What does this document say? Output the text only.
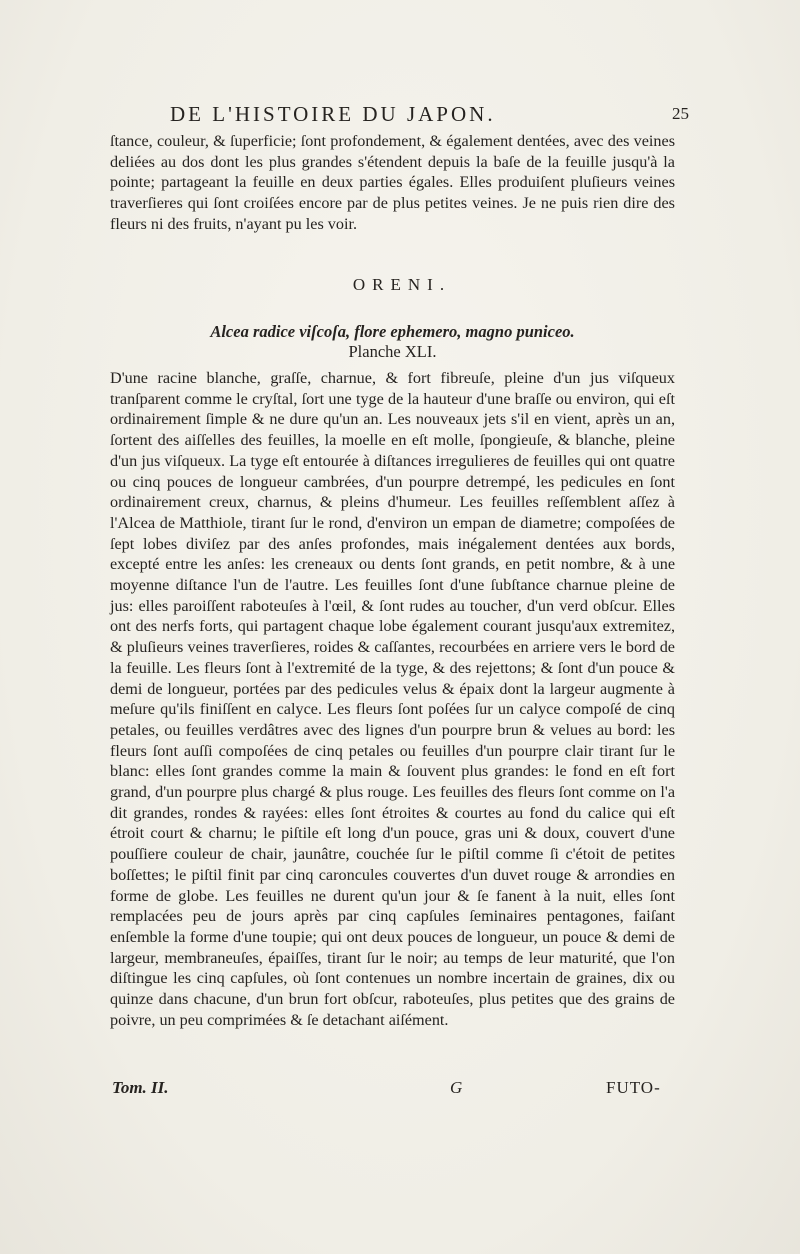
DE L'HISTOIRE DU JAPON.	25

ſtance, couleur, & ſuperficie; ſont profondement, & également dentées, avec des veines deliées au dos dont les plus grandes s'étendent depuis la baſe de la feuille jusqu'à la pointe; partageant la feuille en deux parties égales. Elles produiſent pluſieurs veines traverſieres qui ſont croiſées encore par de plus petites veines. Je ne puis rien dire des fleurs ni des fruits, n'ayant pu les voir.

ORENI.
Alcea radice viſcoſa, flore ephemero, magno puniceo.
Planche XLI.

D'une racine blanche, graſſe, charnue, & fort fibreuſe, pleine d'un jus viſqueux tranſparent comme le cryſtal, ſort une tyge de la hauteur d'une braſſe ou environ, qui eſt ordinairement ſimple & ne dure qu'un an. Les nouveaux jets s'il en vient, après un an, ſortent des aiſſelles des feuilles, la moelle en eſt molle, ſpongieuſe, & blanche, pleine d'un jus viſqueux. La tyge eſt entourée à diſtances irregulieres de feuilles qui ont quatre ou cinq pouces de longueur cambrées, d'un pourpre detrempé, les pedicules en ſont ordinairement creux, charnus, & pleins d'humeur. Les feuilles reſſemblent aſſez à l'Alcea de Matthiole, tirant ſur le rond, d'environ un empan de diametre; compoſées de ſept lobes diviſez par des anſes profondes, mais inégalement dentées aux bords, excepté entre les anſes: les creneaux ou dents ſont grands, en petit nombre, & à une moyenne diſtance l'un de l'autre. Les feuilles ſont d'une ſubſtance charnue pleine de jus: elles paroiſſent raboteuſes à l'œil, & ſont rudes au toucher, d'un verd obſcur. Elles ont des nerfs forts, qui partagent chaque lobe également courant jusqu'aux extremitez, & pluſieurs veines traverſieres, roides & caſſantes, recourbées en arriere vers le bord de la feuille. Les fleurs ſont à l'extremité de la tyge, & des rejettons; & ſont d'un pouce & demi de longueur, portées par des pedicules velus & épaix dont la largeur augmente à meſure qu'ils finiſſent en calyce. Les fleurs ſont poſées ſur un calyce compoſé de cinq petales, ou feuilles verdâtres avec des lignes d'un pourpre brun & velues au bord: les fleurs ſont auſſi compoſées de cinq petales ou feuilles d'un pourpre clair tirant ſur le blanc: elles ſont grandes comme la main & ſouvent plus grandes: le fond en eſt fort grand, d'un pourpre plus chargé & plus rouge. Les feuilles des fleurs ſont comme on l'a dit grandes, rondes & rayées: elles ſont étroites & courtes au fond du calice qui eſt étroit court & charnu; le piſtile eſt long d'un pouce, gras uni & doux, couvert d'une pouſſiere couleur de chair, jaunâtre, couchée ſur le piſtil comme ſi c'étoit de petites boſſettes; le piſtil finit par cinq caroncules couvertes d'un duvet rouge & arrondies en forme de globe. Les feuilles ne durent qu'un jour & ſe fanent à la nuit, elles ſont remplacées peu de jours après par cinq capſules ſeminaires pentagones, faiſant enſemble la forme d'une toupie; qui ont deux pouces de longueur, un pouce & demi de largeur, membraneuſes, épaiſſes, tirant ſur le noir; au temps de leur maturité, que l'on diſtingue les cinq capſules, où ſont contenues un nombre incertain de graines, dix ou quinze dans chacune, d'un brun fort obſcur, raboteuſes, plus petites que des grains de poivre, un peu comprimées & ſe detachant aiſément.

Tom. II.	G	FUTO-
